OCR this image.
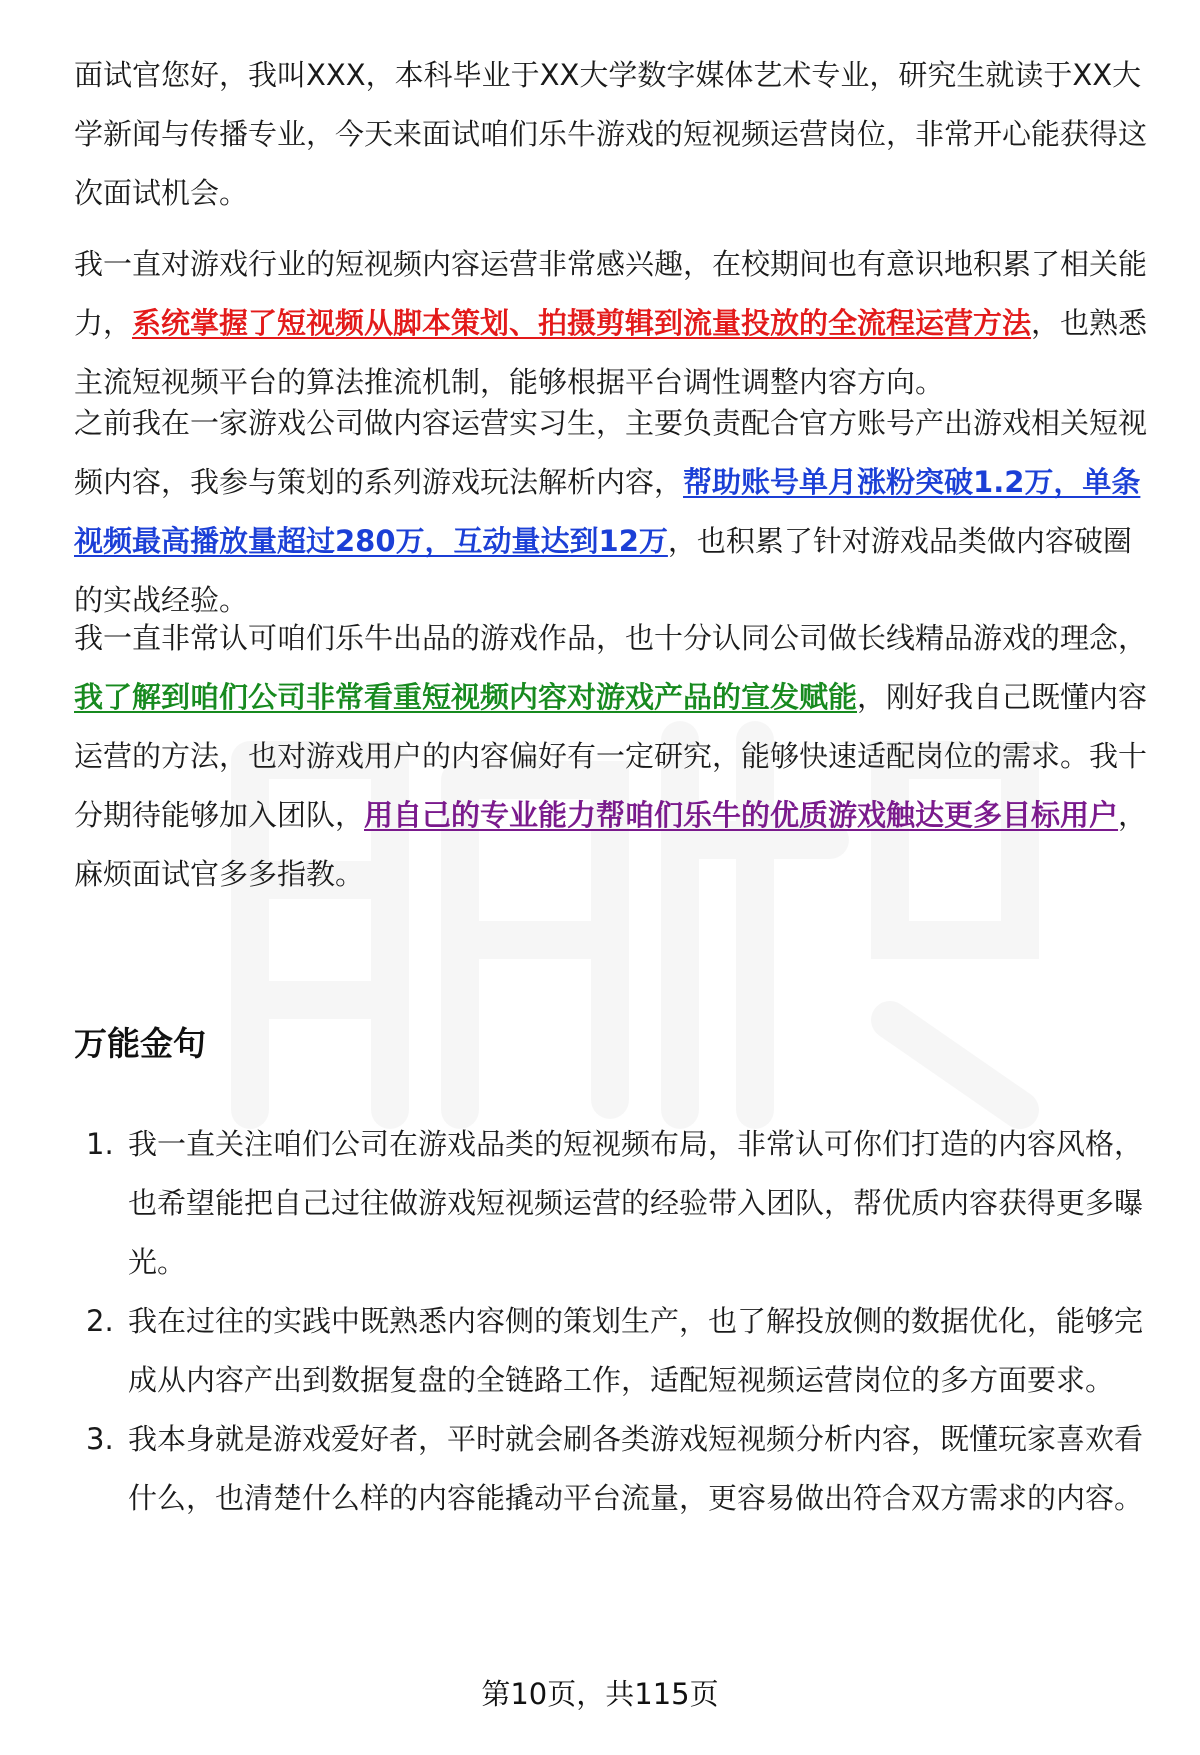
面试官您好，我叫XXX，本科毕业于XX大学数字媒体艺术专业，研究生就读于XX大学新闻与传播专业，今天来面试咱们乐牛游戏的短视频运营岗位，非常开心能获得这次面试机会。

我一直对游戏行业的短视频内容运营非常感兴趣，在校期间也有意识地积累了相关能力，系统掌握了短视频从脚本策划、拍摄剪辑到流量投放的全流程运营方法，也熟悉主流短视频平台的算法推流机制，能够根据平台调性调整内容方向。

之前我在一家游戏公司做内容运营实习生，主要负责配合官方账号产出游戏相关短视频内容，我参与策划的系列游戏玩法解析内容，帮助账号单月涨粉突破1.2万，单条视频最高播放量超过280万，互动量达到12万，也积累了针对游戏品类做内容破圈的实战经验。

我一直非常认可咱们乐牛出品的游戏作品，也十分认同公司做长线精品游戏的理念，我了解到咱们公司非常看重短视频内容对游戏产品的宣发赋能，刚好我自己既懂内容运营的方法，也对游戏用户的内容偏好有一定研究，能够快速适配岗位的需求。我十分期待能够加入团队，用自己的专业能力帮咱们乐牛的优质游戏触达更多目标用户，麻烦面试官多多指教。

万能金句
1. 我一直关注咱们公司在游戏品类的短视频布局，非常认可你们打造的内容风格，也希望能把自己过往做游戏短视频运营的经验带入团队，帮优质内容获得更多曝光。
2. 我在过往的实践中既熟悉内容侧的策划生产，也了解投放侧的数据优化，能够完成从内容产出到数据复盘的全链路工作，适配短视频运营岗位的多方面要求。
3. 我本身就是游戏爱好者，平时就会刷各类游戏短视频分析内容，既懂玩家喜欢看什么，也清楚什么样的内容能撬动平台流量，更容易做出符合双方需求的内容。
第10页，共115页
